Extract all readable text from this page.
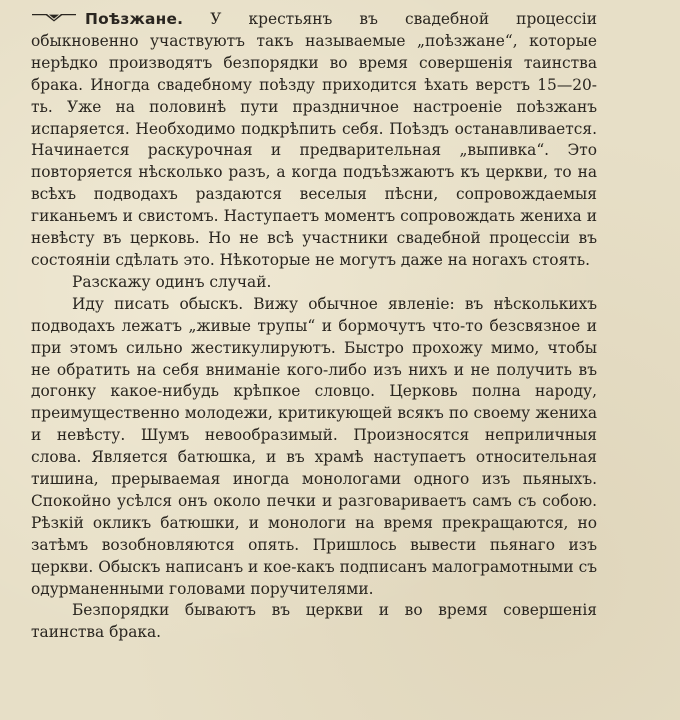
Поѣзжане. У крестьянъ въ свадебной процессіи обыкновенно участвуютъ такъ называемые „поѣзжане“, которые нерѣдко производятъ безпорядки во время совершенія таинства брака. Иногда свадебному поѣзду приходится ѣхать верстъ 15—20-ть. Уже на половинѣ пути праздничное настроеніе поѣзжанъ испаряется. Необходимо подкрѣпить себя. Поѣздъ останавливается. Начинается раскурочная и предварительная „выпивка“. Это повторяется нѣсколько разъ, а когда подъѣзжаютъ къ церкви, то на всѣхъ подводахъ раздаются веселыя пѣсни, сопровождаемыя гиканьемъ и свистомъ. Наступаетъ моментъ сопровождать жениха и невѣсту въ церковь. Но не всѣ участники свадебной процессіи въ состояніи сдѣлать это. Нѣкоторые не могутъ даже на ногахъ стоять.

Разскажу одинъ случай.

Иду писать обыскъ. Вижу обычное явленіе: въ нѣсколькихъ подводахъ лежатъ „живые трупы“ и бормочутъ что-то безсвязное и при этомъ сильно жестикулируютъ. Быстро прохожу мимо, чтобы не обратить на себя вниманіе кого-либо изъ нихъ и не получить въ догонку какое-нибудь крѣпкое словцо. Церковь полна народу, преимущественно молодежи, критикующей всякъ по своему жениха и невѣсту. Шумъ невообразимый. Произносятся неприличныя слова. Является батюшка, и въ храмѣ наступаетъ относительная тишина, прерываемая иногда монологами одного изъ пьяныхъ. Спокойно усѣлся онъ около печки и разговариваетъ самъ съ собою. Рѣзкій окликъ батюшки, и монологи на время прекращаются, но затѣмъ возобновляются опять. Пришлось вывести пьянаго изъ церкви. Обыскъ написанъ и кое-какъ подписанъ малограмотными съ одурманенными головами поручителями.

Безпорядки бываютъ въ церкви и во время совершенія таинства брака.
